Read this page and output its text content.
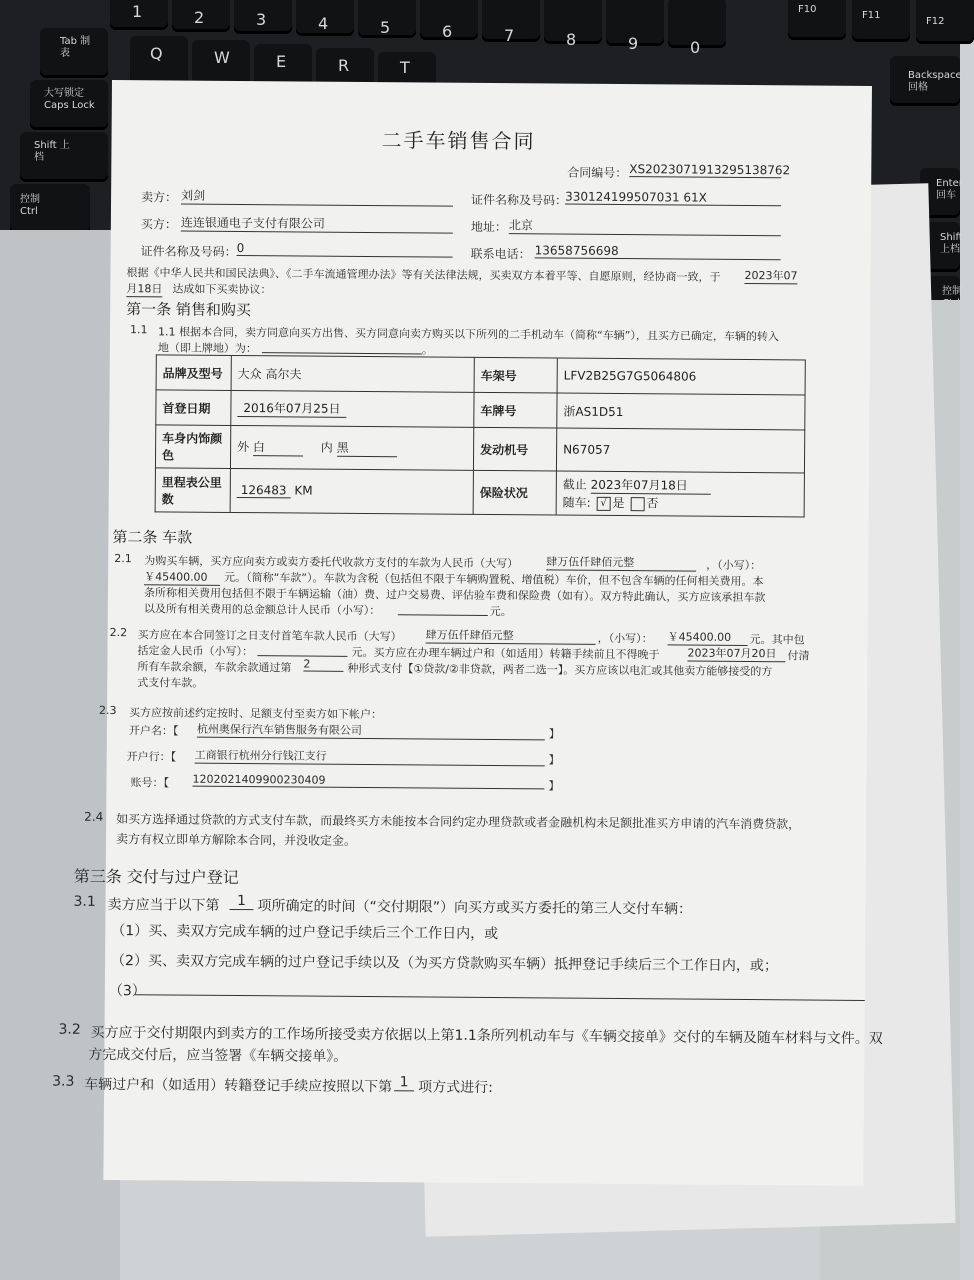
1	2	3	4	5	6	7	8	9	0
F10
F11
F12
Tab 制表	Q	W	E	R	T	Backspace 回格
大写锁定 Caps Lock
Shift 上档
控制 Ctrl
Enter 回车
Shift 上档
控制
二手车销售合同
合同编号： XS2023071913295138762
卖方： 刘剑	证件名称及号码：
330124199507031 61X
买方： 连连银通电子支付有限公司	地址： 北京
证件名称及号码： 0	联系电话： 13658756698
根据《中华人民共和国民法典》、《二手车流通管理办法》等有关法律法规，买卖双方本着平等、自愿原则，经协商一致，于 2023年07
月18日 达成如下买卖协议：
第一条 销售和购买
1.1 1.1 根据本合同，卖方同意向买方出售、买方同意向卖方购买以下所列的二手机动车（简称“车辆”），且买方已确定，车辆的转入
地（即上牌地）为：	。
品牌及型号	大众 高尔夫	车架号	LFV2B25G7G5064806
首登日期	2016年07月25日	车牌号	浙AS1D51
车身内饰颜色	外 白 内 黑	发动机号	N67057
里程表公里数	126483 KM	保险状况	截止 2023年07月18日
随车: √ 是 否
第二条 车款
2.1 为购买车辆，买方应向卖方或卖方委托代收款方支付的车款为人民币（大写）	肆万伍仟肆佰元整	，（小写）：
￥45400.00	元。（简称“车款”）。车款为含税（包括但不限于车辆购置税、增值税）车价，但不包含车辆的任何相关费用。本
条所称相关费用包括但不限于车辆运输（油）费、过户交易费、评估验车费和保险费（如有）。双方特此确认，买方应该承担车款
以及所有相关费用的总金额总计人民币（小写）：	元。
2.2 买方应在本合同签订之日支付首笔车款人民币（大写） 肆万伍仟肆佰元整	，（小写）： ￥45400.00	元。其中包
括定金人民币（小写）：	元。买方应在办理车辆过户和（如适用）转籍手续前且不得晚于	2023年07月20日 付清
所有车款余额，车款余款通过第 2	种形式支付【①贷款/②非贷款，两者二选一】。买方应该以电汇或其他卖方能够接受的方
式支付车款。
2.3 买方应按前述约定按时、足额支付至卖方如下帐户：
开户名：【 杭州奥保行汽车销售服务有限公司	】
开户行：【 工商银行杭州分行钱江支行	】
账号：【 1202021409900230409	】
2.4 如买方选择通过贷款的方式支付车款，而最终买方未能按本合同约定办理贷款或者金融机构未足额批准买方申请的汽车消费贷款，
卖方有权立即单方解除本合同，并没收定金。
第三条 交付与过户登记
3.1 卖方应当于以下第	1 项所确定的时间（“交付期限”）向买方或买方委托的第三人交付车辆：
（1）买、卖双方完成车辆的过户登记手续后三个工作日内，或
（2）买、卖双方完成车辆的过户登记手续以及（为买方贷款购买车辆）抵押登记手续后三个工作日内，或；
（3）
3.2 买方应于交付期限内到卖方的工作场所接受卖方依据以上第1.1条所列机动车与《车辆交接单》交付的车辆及随车材料与文件。双
方完成交付后，应当签署《车辆交接单》。
3.3 车辆过户和（如适用）转籍登记手续应按照以下第 1 项方式进行:
